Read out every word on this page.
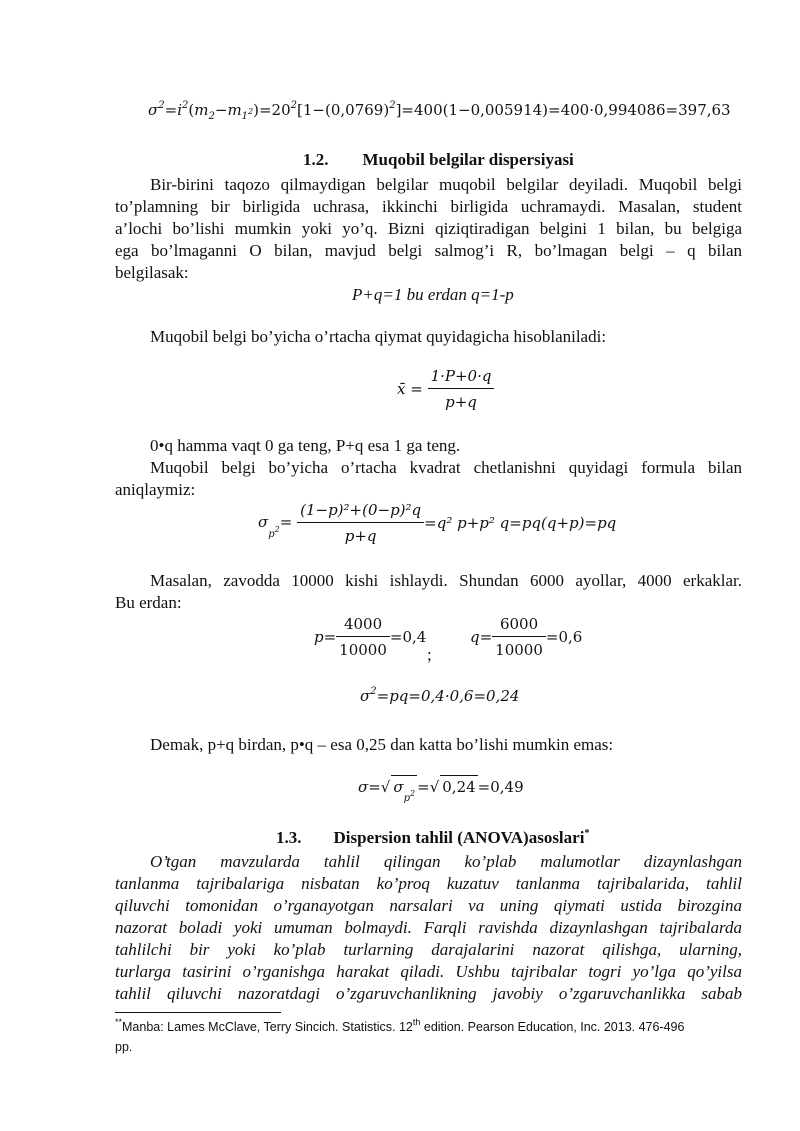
$\sigma^2=i^2(m_2-m_{1^2})=20^2[1-(0,0769)^2]=400(1-0,005914)=400\cdot 0,994086=397,63$
1.2. Muqobil belgilar dispersiyasi
Bir-birini taqozo qilmaydigan belgilar muqobil belgilar deyiladi. Muqobil belgi
to’plamning bir birligida uchrasa, ikkinchi birligida uchramaydi. Masalan, student
a’lochi bo’lishi mumkin yoki yo’q. Bizni qiziqtiradigan belgini 1 bilan, bu belgiga
ega bo’lmaganni O bilan, mavjud belgi salmog’i R, bo’lmagan belgi – q bilan
belgilasak:
P+q=1 bu erdan q=1-p
Muqobil belgi bo’yicha o’rtacha qiymat quyidagicha hisoblaniladi:
x̄ = $\frac{1\cdot P+0\cdot q}{p+q}$
0•q hamma vaqt 0 ga teng, P+q esa 1 ga teng.
Muqobil belgi bo’yicha o’rtacha kvadrat chetlanishni quyidagi formula bilan
aniqlaymiz:
$\sigma_{p^2}= \frac{\text{(1−p)²+(0−p)²q}}{p+q} =q^2$ p+p² q=pq(q+p)=pq
Masalan, zavodda 10000 kishi ishlaydi. Shundan 6000 ayollar, 4000 erkaklar.
Bu erdan:
$p= \frac{4000}{10000} =0,4$
;
$q= \frac{6000}{10000} =0,6$
$\sigma^2=pq=0,4\cdot 0,6=0,24$
Demak, p+q birdan, p•q – esa 0,25 dan katta bo’lishi mumkin emas:
σ=√ $\sigma_{p^2}$ =√ 0,24 =0,49
1.3. Dispersion tahlil (ANOVA)asoslari*
O’tgan mavzularda tahlil qilingan ko’plab malumotlar dizaynlashgan
tanlanma tajribalariga nisbatan ko’proq kuzatuv tanlanma tajribalarida, tahlil
qiluvchi tomonidan o’rganayotgan narsalari va uning qiymati ustida birozgina
nazorat boladi yoki umuman bolmaydi. Farqli ravishda dizaynlashgan tajribalarda
tahlilchi bir yoki ko’plab turlarning darajalarini nazorat qilishga, ularning,
turlarga tasirini o’rganishga harakat qiladi. Ushbu tajribalar togri yo’lga qo’yilsa
tahlil qiluvchi nazoratdagi o’zgaruvchanlikning javobiy o’zgaruvchanlikka sabab
**Manba: Lames McClave, Terry Sincich. Statistics. 12th edition. Pearson Education, Inc. 2013. 476-496
pp.
